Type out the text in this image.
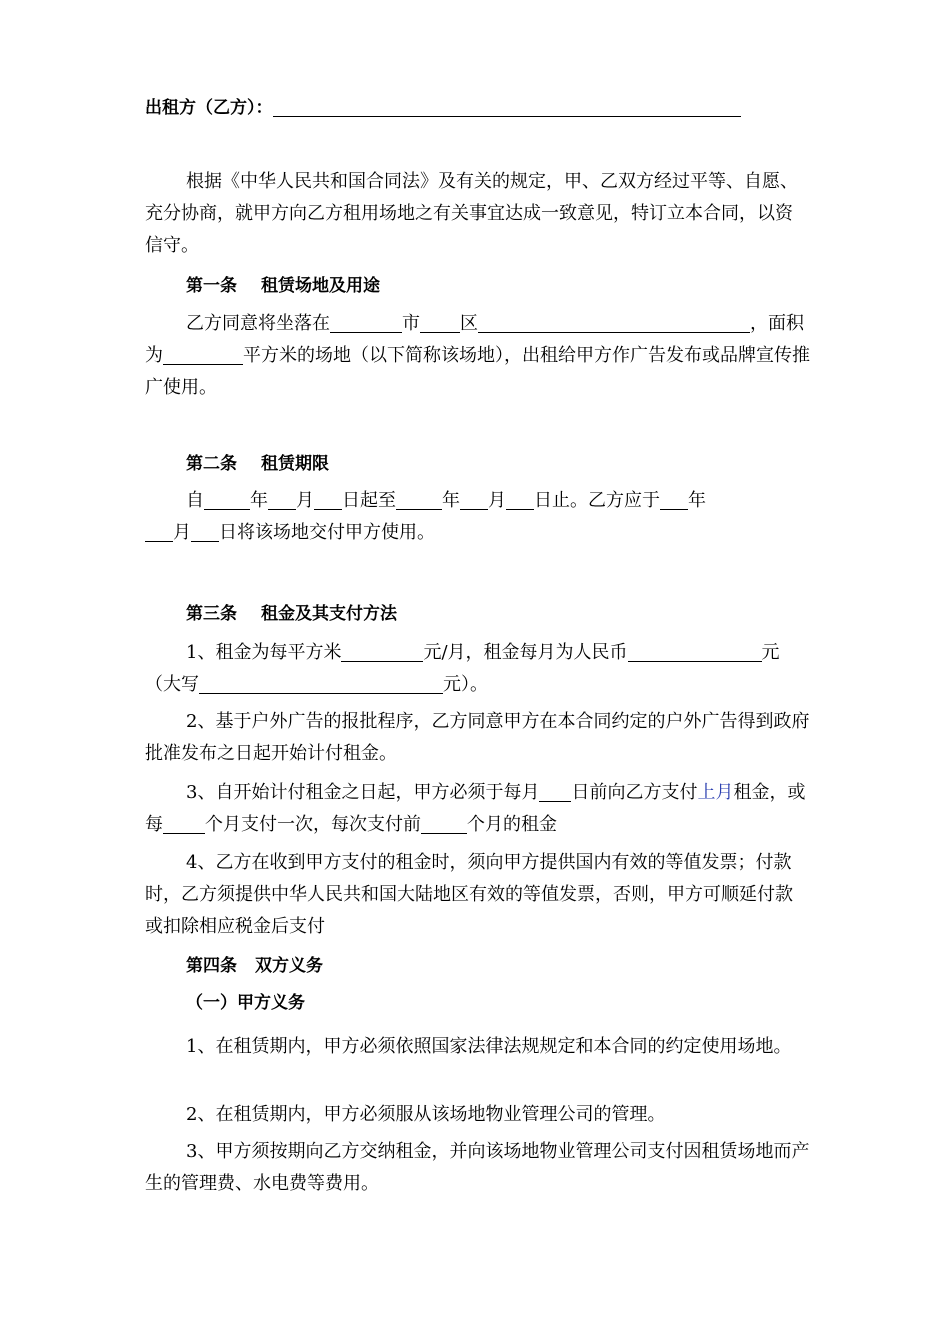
出租方（乙方）：

根据《中华人民共和国合同法》及有关的规定，甲、乙双方经过平等、自愿、充分协商，就甲方向乙方租用场地之有关事宜达成一致意见，特订立本合同，以资信守。

第一条 租赁场地及用途

乙方同意将坐落在	市 区	，面积为	平方米的场地（以下简称该场地），出租给甲方作广告发布或品牌宣传推广使用。

第二条 租赁期限

自	年 月 日起至	年 月 日止。乙方应于 年
月 日将该场地交付甲方使用。

第三条 租金及其支付方法

1、租金为每平方米	元/月，租金每月为人民币	元（大写	元）。

2、基于户外广告的报批程序，乙方同意甲方在本合同约定的户外广告得到政府批准发布之日起开始计付租金。

3、自开始计付租金之日起，甲方必须于每月 日前向乙方支付上月租金，或每 个月支付一次，每次支付前	个月的租金

4、乙方在收到甲方支付的租金时，须向甲方提供国内有效的等值发票；付款时，乙方须提供中华人民共和国大陆地区有效的等值发票，否则，甲方可顺延付款或扣除相应税金后支付

第四条 双方义务

（一）甲方义务

1、在租赁期内，甲方必须依照国家法律法规规定和本合同的约定使用场地。

2、在租赁期内，甲方必须服从该场地物业管理公司的管理。

3、甲方须按期向乙方交纳租金，并向该场地物业管理公司支付因租赁场地而产生的管理费、水电费等费用。
